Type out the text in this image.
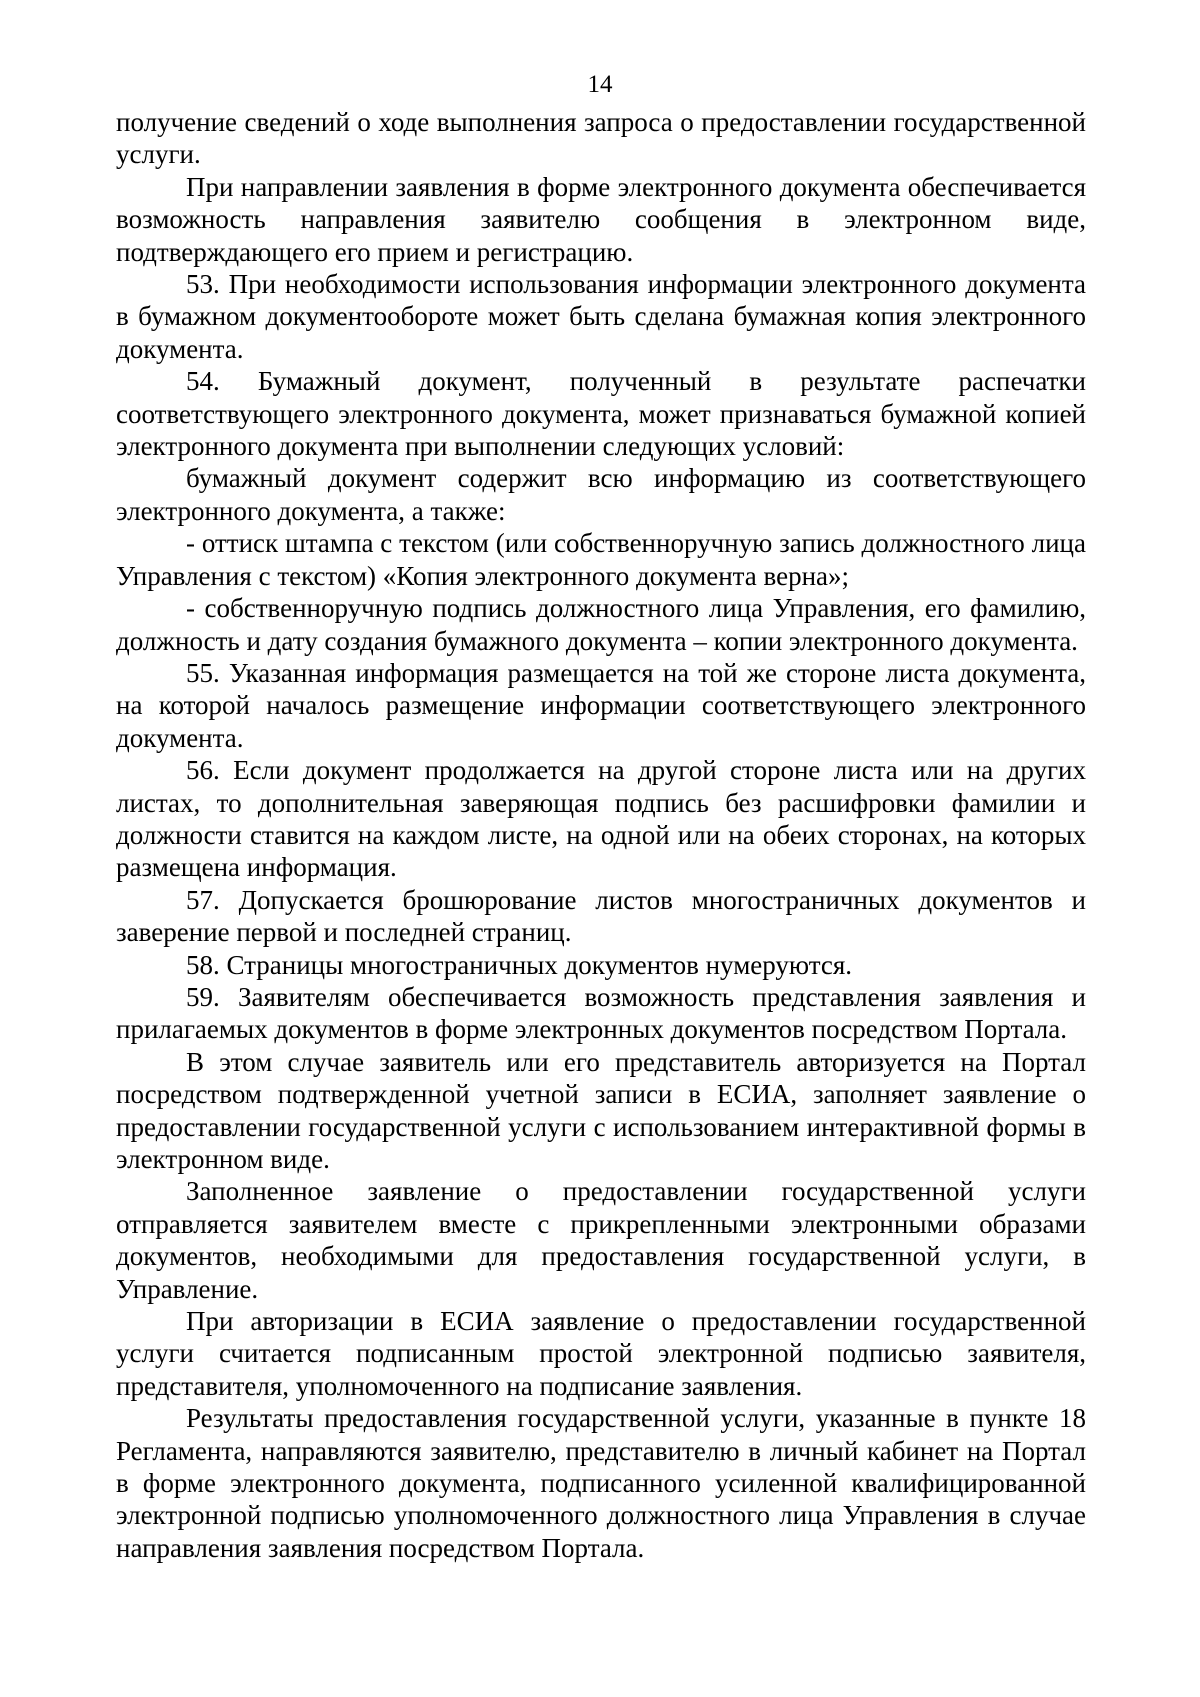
14

получение сведений о ходе выполнения запроса о предоставлении государственной услуги.

При направлении заявления в форме электронного документа обеспечивается возможность направления заявителю сообщения в электронном виде, подтверждающего его прием и регистрацию.

53. При необходимости использования информации электронного документа в бумажном документообороте может быть сделана бумажная копия электронного документа.

54. Бумажный документ, полученный в результате распечатки соответствующего электронного документа, может признаваться бумажной копией электронного документа при выполнении следующих условий:

бумажный документ содержит всю информацию из соответствующего электронного документа, а также:

- оттиск штампа с текстом (или собственноручную запись должностного лица Управления с текстом) «Копия электронного документа верна»;

- собственноручную подпись должностного лица Управления, его фамилию, должность и дату создания бумажного документа – копии электронного документа.

55. Указанная информация размещается на той же стороне листа документа, на которой началось размещение информации соответствующего электронного документа.

56. Если документ продолжается на другой стороне листа или на других листах, то дополнительная заверяющая подпись без расшифровки фамилии и должности ставится на каждом листе, на одной или на обеих сторонах, на которых размещена информация.

57. Допускается брошюрование листов многостраничных документов и заверение первой и последней страниц.

58. Страницы многостраничных документов нумеруются.

59. Заявителям обеспечивается возможность представления заявления и прилагаемых документов в форме электронных документов посредством Портала.

В этом случае заявитель или его представитель авторизуется на Портал посредством подтвержденной учетной записи в ЕСИА, заполняет заявление о предоставлении государственной услуги с использованием интерактивной формы в электронном виде.

Заполненное заявление о предоставлении государственной услуги отправляется заявителем вместе с прикрепленными электронными образами документов, необходимыми для предоставления государственной услуги, в Управление.

При авторизации в ЕСИА заявление о предоставлении государственной услуги считается подписанным простой электронной подписью заявителя, представителя, уполномоченного на подписание заявления.

Результаты предоставления государственной услуги, указанные в пункте 18 Регламента, направляются заявителю, представителю в личный кабинет на Портал в форме электронного документа, подписанного усиленной квалифицированной электронной подписью уполномоченного должностного лица Управления в случае направления заявления посредством Портала.
